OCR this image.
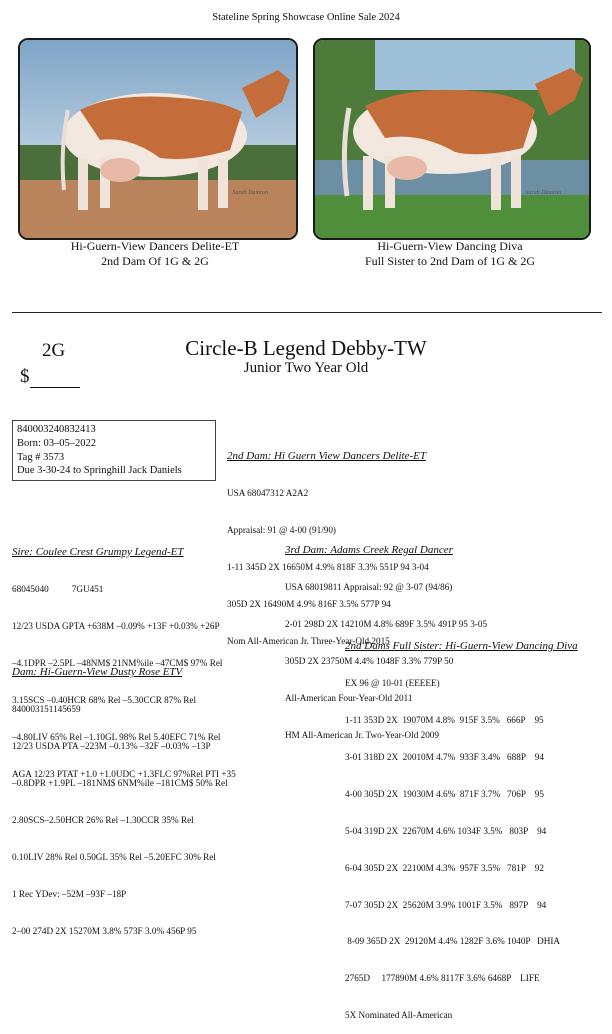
Stateline Spring Showcase Online Sale 2024
Sarah Damron	Sarah Damron
Hi-Guern-View Dancers Delite-ET
2nd Dam Of 1G & 2G
Hi-Guern-View Dancing Diva
Full Sister to 2nd Dam of 1G & 2G
2G
$
Circle-B Legend Debby-TW
Junior Two Year Old
840003240832413
Born: 03–05–2022
Tag # 3573
Due 3-30-24 to Springhill Jack Daniels

2nd Dam: Hi Guern View Dancers Delite-ET

USA 68047312 A2A2

Appraisal: 91 @ 4-00 (91/90)

1-11 345D 2X 16650M 4.9% 818F 3.3% 551P 94 3-04

305D 2X 16490M 4.9% 816F 3.5% 577P 94

Nom All-American Jr. Three-Year-Old 2015

Sire: Coulee Crest Grumpy Legend-ET

68045040          7GU451

12/23 USDA GPTA +638M –0.09% +13F +0.03% +26P

–4.1DPR –2.5PL –48NM$ 21NM%ile –47CM$ 97% Rel

3.15SCS –0.40HCR 68% Rel –5.30CCR 87% Rel

–4.80LIV 65% Rel –1.10GL 98% Rel 5.40EFC 71% Rel

AGA 12/23 PTAT +1.0 +1.0UDC +1.3FLC 97%Rel PTI +35

3rd Dam: Adams Creek Regal Dancer

USA 68019811 Appraisal: 92 @ 3-07 (94/86)

2-01 298D 2X 14210M 4.8% 689F 3.5% 491P 95 3-05

305D 2X 23750M 4.4% 1048F 3.3% 779P 50

All-American Four-Year-Old 2011

HM All-American Jr. Two-Year-Old 2009

2nd Dams Full Sister: Hi-Guern-View Dancing Diva

EX 96 @ 10-01 (EEEEE)

1-11 353D 2X  19070M 4.8%  915F 3.5%   666P    95

3-01 318D 2X  20010M 4.7%  933F 3.4%   688P    94

4-00 305D 2X  19030M 4.6%  871F 3.7%   706P    95

5-04 319D 2X  22670M 4.6% 1034F 3.5%   803P    94

6-04 305D 2X  22100M 4.3%  957F 3.5%   781P    92

7-07 305D 2X  25620M 3.9% 1001F 3.5%   897P    94

8-09 365D 2X  29120M 4.4% 1282F 3.6% 1040P   DHIA

2765D     177890M 4.6% 8117F 3.6% 6468P    LIFE

5X Nominated All-American

Dam: Hi-Guern-View Dusty Rose ETV

840003151145659

12/23 USDA PTA –223M –0.13% –32F –0.03% –13P

–0.8DPR +1.9PL –181NM$ 6NM%ile –181CM$ 50% Rel

2.80SCS–2.50HCR 26% Rel –1.30CCR 35% Rel

0.10LIV 28% Rel 0.50GL 35% Rel –5.20EFC 30% Rel

1 Rec YDev: –52M –93F –18P

2–00 274D 2X 15270M 3.8% 573F 3.0% 456P 95
